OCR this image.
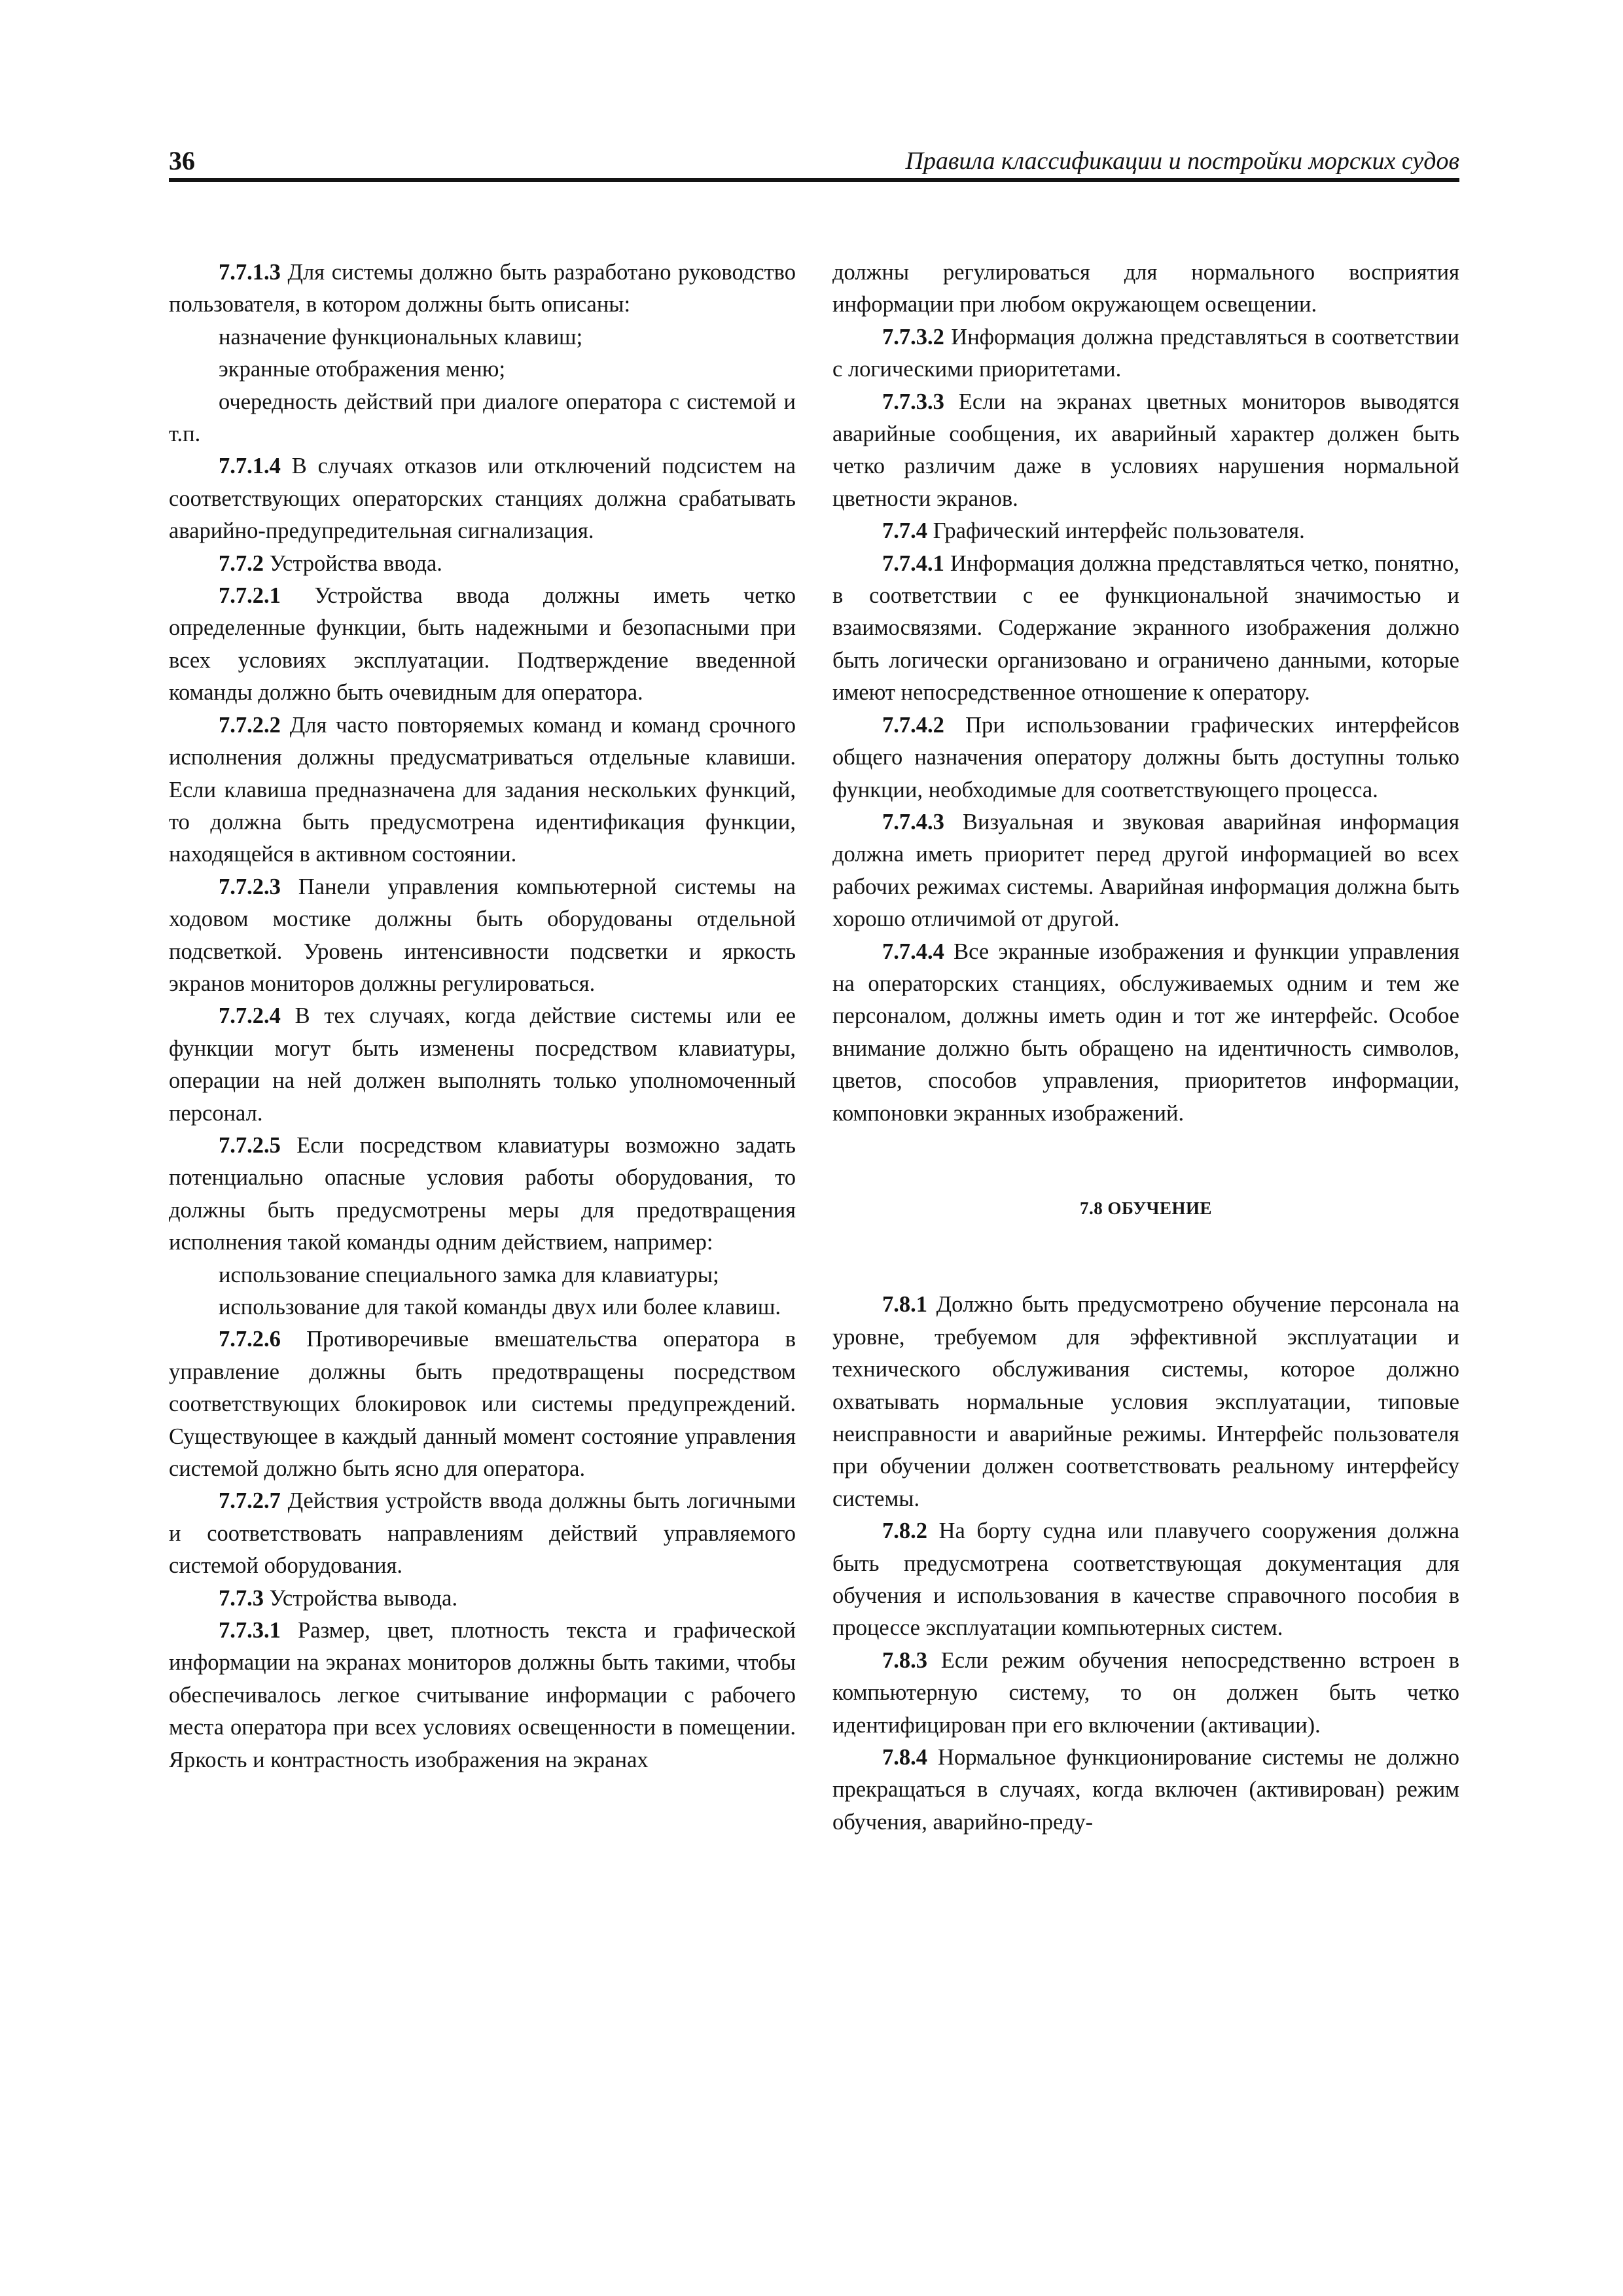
36	Правила классификации и постройки морских судов

7.7.1.3 Для системы должно быть разработано руководство пользователя, в котором должны быть описаны:

назначение функциональных клавиш;

экранные отображения меню;

очередность действий при диалоге оператора с системой и т.п.

7.7.1.4 В случаях отказов или отключений подсистем на соответствующих операторских станциях должна срабатывать аварийно-предупредительная сигнализация.

7.7.2 Устройства ввода.

7.7.2.1 Устройства ввода должны иметь четко определенные функции, быть надежными и безопасными при всех условиях эксплуатации. Подтверждение введенной команды должно быть очевидным для оператора.

7.7.2.2 Для часто повторяемых команд и команд срочного исполнения должны предусматриваться отдельные клавиши. Если клавиша предназначена для задания нескольких функций, то должна быть предусмотрена идентификация функции, находящейся в активном состоянии.

7.7.2.3 Панели управления компьютерной системы на ходовом мостике должны быть оборудованы отдельной подсветкой. Уровень интенсивности подсветки и яркость экранов мониторов должны регулироваться.

7.7.2.4 В тех случаях, когда действие системы или ее функции могут быть изменены посредством клавиатуры, операции на ней должен выполнять только уполномоченный персонал.

7.7.2.5 Если посредством клавиатуры возможно задать потенциально опасные условия работы оборудования, то должны быть предусмотрены меры для предотвращения исполнения такой команды одним действием, например:

использование специального замка для клавиатуры;

использование для такой команды двух или более клавиш.

7.7.2.6 Противоречивые вмешательства оператора в управление должны быть предотвращены посредством соответствующих блокировок или системы предупреждений. Существующее в каждый данный момент состояние управления системой должно быть ясно для оператора.

7.7.2.7 Действия устройств ввода должны быть логичными и соответствовать направлениям действий управляемого системой оборудования.

7.7.3 Устройства вывода.

7.7.3.1 Размер, цвет, плотность текста и графической информации на экранах мониторов должны быть такими, чтобы обеспечивалось легкое считывание информации с рабочего места оператора при всех условиях освещенности в помещении. Яркость и контрастность изображения на экранах

должны регулироваться для нормального восприятия информации при любом окружающем освещении.

7.7.3.2 Информация должна представляться в соответствии с логическими приоритетами.

7.7.3.3 Если на экранах цветных мониторов выводятся аварийные сообщения, их аварийный характер должен быть четко различим даже в условиях нарушения нормальной цветности экранов.

7.7.4 Графический интерфейс пользователя.

7.7.4.1 Информация должна представляться четко, понятно, в соответствии с ее функциональной значимостью и взаимосвязями. Содержание экранного изображения должно быть логически организовано и ограничено данными, которые имеют непосредственное отношение к оператору.

7.7.4.2 При использовании графических интерфейсов общего назначения оператору должны быть доступны только функции, необходимые для соответствующего процесса.

7.7.4.3 Визуальная и звуковая аварийная информация должна иметь приоритет перед другой информацией во всех рабочих режимах системы. Аварийная информация должна быть хорошо отличимой от другой.

7.7.4.4 Все экранные изображения и функции управления на операторских станциях, обслуживаемых одним и тем же персоналом, должны иметь один и тот же интерфейс. Особое внимание должно быть обращено на идентичность символов, цветов, способов управления, приоритетов информации, компоновки экранных изображений.

7.8 ОБУЧЕНИЕ

7.8.1 Должно быть предусмотрено обучение персонала на уровне, требуемом для эффективной эксплуатации и технического обслуживания системы, которое должно охватывать нормальные условия эксплуатации, типовые неисправности и аварийные режимы. Интерфейс пользователя при обучении должен соответствовать реальному интерфейсу системы.

7.8.2 На борту судна или плавучего сооружения должна быть предусмотрена соответствующая документация для обучения и использования в качестве справочного пособия в процессе эксплуатации компьютерных систем.

7.8.3 Если режим обучения непосредственно встроен в компьютерную систему, то он должен быть четко идентифицирован при его включении (активации).

7.8.4 Нормальное функционирование системы не должно прекращаться в случаях, когда включен (активирован) режим обучения, аварийно-преду-
